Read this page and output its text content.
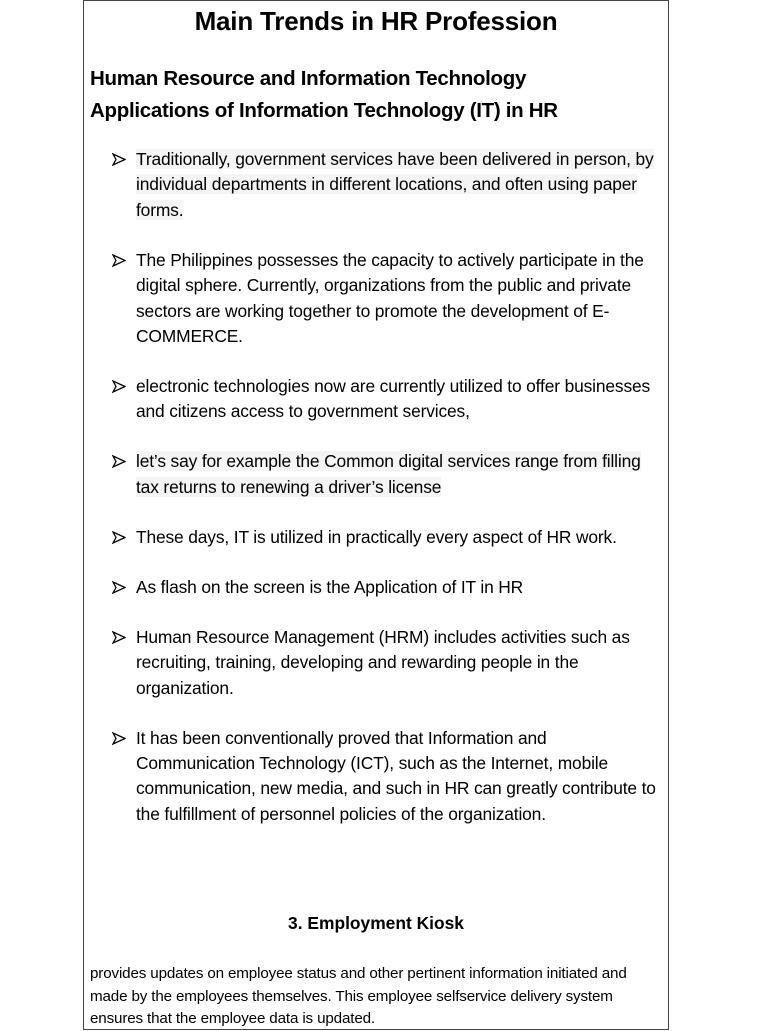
Main Trends in HR Profession
Human Resource and Information Technology
Applications of Information Technology (IT) in HR
Traditionally, government services have been delivered in person, by individual departments in different locations, and often using paper forms.
The Philippines possesses the capacity to actively participate in the digital sphere. Currently, organizations from the public and private sectors are working together to promote the development of E-COMMERCE.
electronic technologies now are currently utilized to offer businesses and citizens access to government services,
let’s say for example the Common digital services range from filling tax returns to renewing a driver’s license
These days, IT is utilized in practically every aspect of HR work.
As flash on the screen is the Application of IT in HR
Human Resource Management (HRM) includes activities such as recruiting, training, developing and rewarding people in the organization.
It has been conventionally proved that Information and Communication Technology (ICT), such as the Internet, mobile communication, new media, and such in HR can greatly contribute to the fulfillment of personnel policies of the organization.
3. Employment Kiosk
provides updates on employee status and other pertinent information initiated and made by the employees themselves. This employee selfservice delivery system ensures that the employee data is updated.
